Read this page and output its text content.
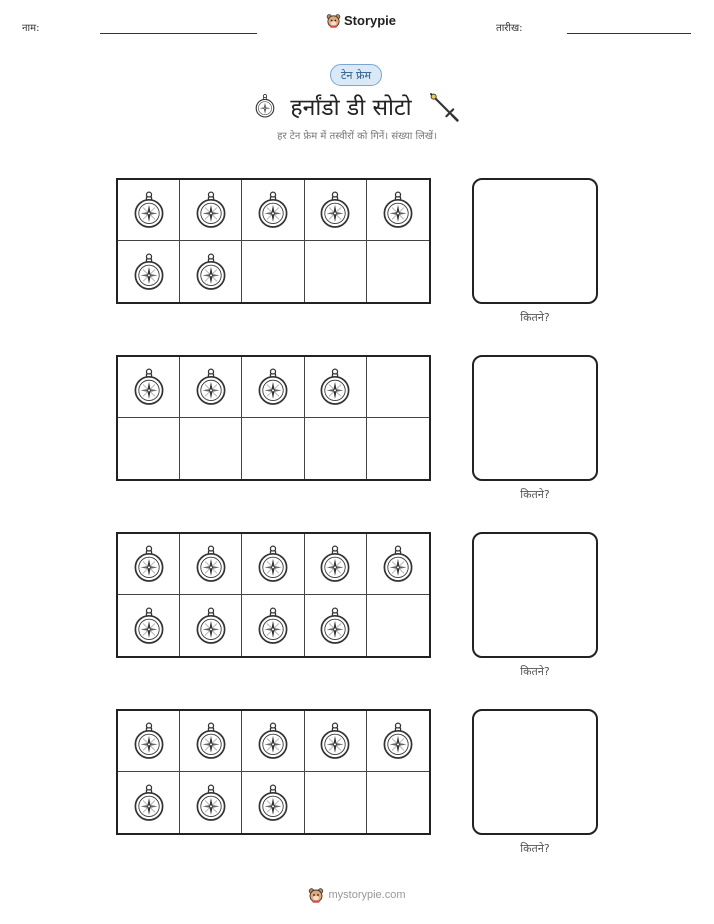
नाम:
Storypie
तारीख:
टेन फ्रेम
हर्नांडो डी सोटो
हर टेन फ्रेम में तस्वीरों को गिनें। संख्या लिखें।
कितने?
कितने?
कितने?
कितने?
mystorypie.com
